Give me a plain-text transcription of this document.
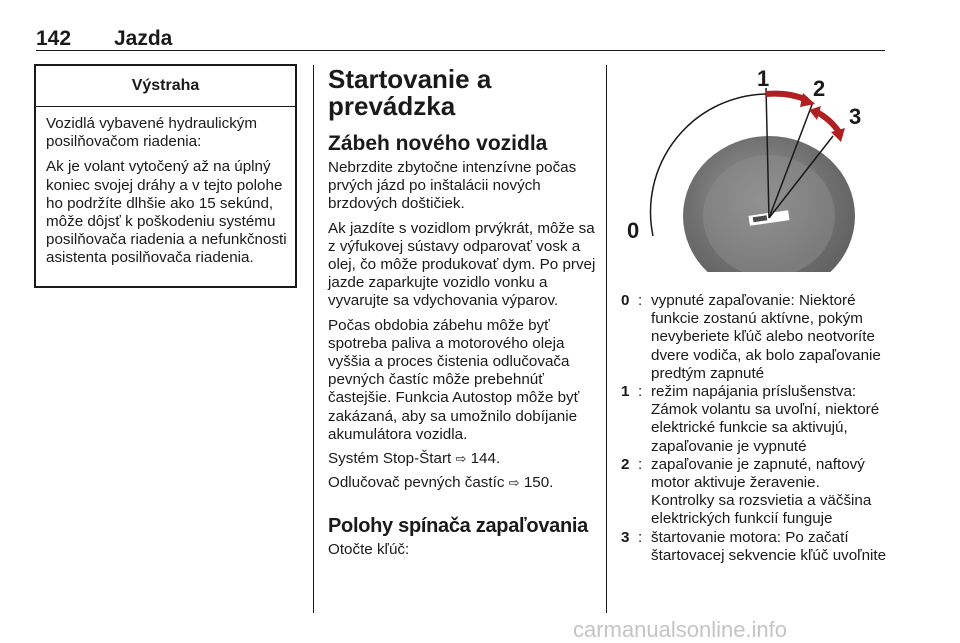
142 Jazda
Výstraha

Vozidlá vybavené hydraulickým posilňovačom riadenia:

Ak je volant vytočený až na úplný koniec svojej dráhy a v tejto polohe ho podržíte dlhšie ako 15 sekúnd, môže dôjsť k poškodeniu systému posilňovača riadenia a nefunkčnosti asistenta posilňovača riadenia.

Startovanie a prevádzka
Zábeh nového vozidla

Nebrzdite zbytočne intenzívne počas prvých jázd po inštalácii nových brzdových doštičiek.

Ak jazdíte s vozidlom prvýkrát, môže sa z výfukovej sústavy odparovať vosk a olej, čo môže produkovať dym. Po prvej jazde zaparkujte vozidlo vonku a vyvarujte sa vdychovania výparov.

Počas obdobia zábehu môže byť spotreba paliva a motorového oleja vyššia a proces čistenia odlučovača pevných častíc môže prebehnúť častejšie. Funkcia Autostop môže byť zakázaná, aby sa umožnilo dobíjanie akumulátora vozidla.

Systém Stop-Štart ⇨ 144.

Odlučovač pevných častíc ⇨ 150.

Polohy spínača zapaľovania

Otočte kľúč:

0
1 2
3
0 : vypnuté zapaľovanie: Niektoré funkcie zostanú aktívne, pokým nevyberiete kľúč alebo neotvoríte dvere vodiča, ak bolo zapaľovanie predtým zapnuté
1 : režim napájania príslušenstva: Zámok volantu sa uvoľní, niektoré elektrické funkcie sa aktivujú, zapaľovanie je vypnuté
2 : zapaľovanie je zapnuté, naftový motor aktivuje žeravenie. Kontrolky sa rozsvietia a väčšina elektrických funkcií funguje
3 : štartovanie motora: Po začatí štartovacej sekvencie kľúč uvoľnite
carmanualsonline.info
